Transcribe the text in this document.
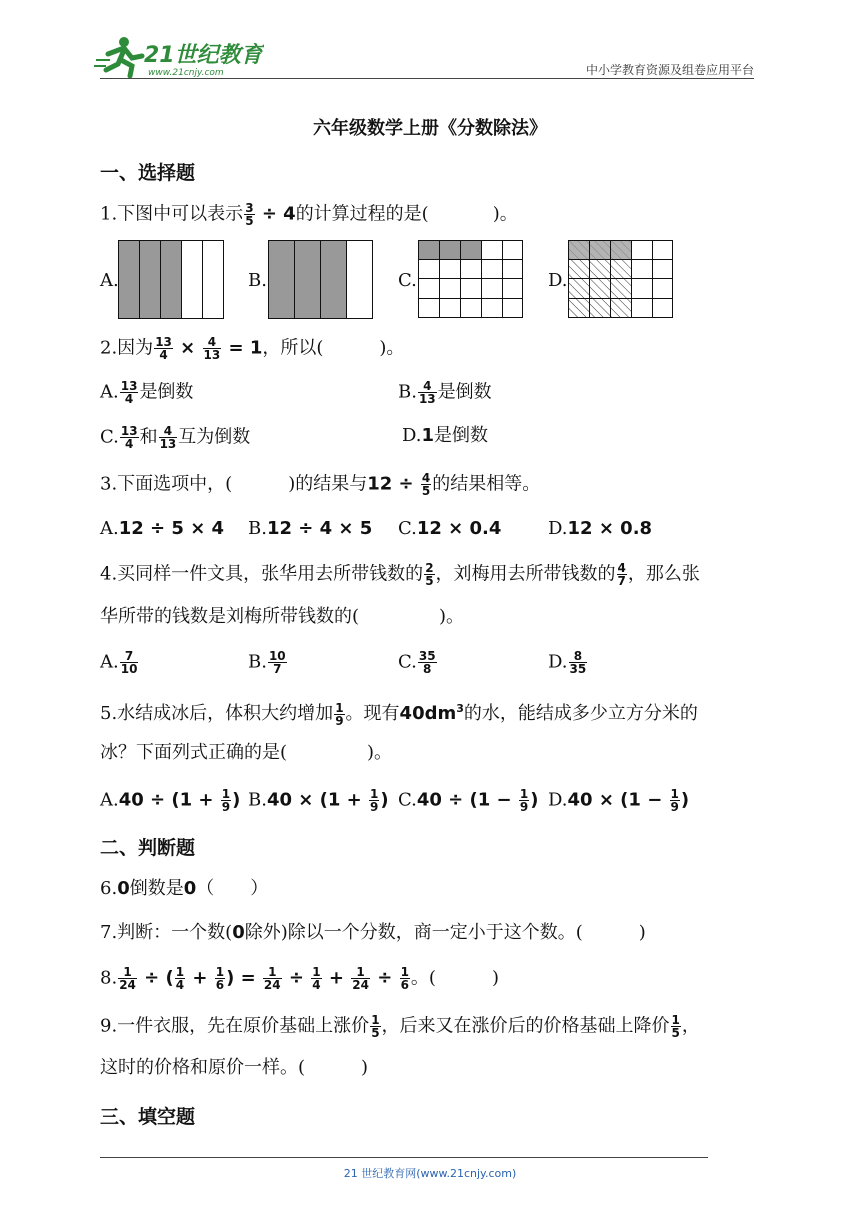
21世纪教育
www.21cnjy.com	中小学教育资源及组卷应用平台
六年级数学上册《分数除法》
一、选择题
1.下图中可以表示 $\frac{3}{5} \div 4$的计算过程的是(	)。
A.	B.	C.	D.
2.因为 $\frac{13}{4} \times \frac{4}{13} = 1$，所以(	)。
A. $\frac{13}{4}$ 是倒数	B. $\frac{4}{13}$ 是倒数
C. $\frac{13}{4}$ 和 $\frac{4}{13}$ 互为倒数	D.1是倒数
3.下面选项中，(	)的结果与$12 \div \frac{4}{5}$ 的结果相等。
A.12 ÷ 5 × 4 B.12 ÷ 4 × 5 C.12 × 0.4	D.12 × 0.8
4.买同样一件文具，张华用去所带钱数的 $\frac{2}{5}$ ，刘梅用去所带钱数的 $\frac{4}{7}$ ，那么张
华所带的钱数是刘梅所带钱数的(	)。
A. $\frac{7}{10}$	B. $\frac{10}{7}$	C. $\frac{35}{8}$	D. $\frac{8}{35}$
5.水结成冰后，体积大约增加 $\frac{1}{9}$ 。现有$40dm^3$的水，能结成多少立方分米的
冰？下面列式正确的是(	)。
$A.40 \div (1 + \frac{1}{9}$ ) $B.40 \times (1 + \frac{1}{9}$ ) $C.40 \div (1 - \frac{1}{9}$ ) $D.40 \times (1 - \frac{1}{9}$ )
二、判断题
6.0倒数是0（　　）
7.判断：一个数(0除外)除以一个分数，商一定小于这个数。(	)
8. $\frac{1}{24}$ ÷ ( $\frac{1}{4} + \frac{1}{6}$ ) = $\frac{1}{24} \div \frac{1}{4} + \frac{1}{24} \div \frac{1}{6}$ 。(	)
9.一件衣服，先在原价基础上涨价 $\frac{1}{5}$ ，后来又在涨价后的价格基础上降价 $\frac{1}{5}$ ，
这时的价格和原价一样。(	)
三、填空题
21 世纪教育网(www.21cnjy.com)
